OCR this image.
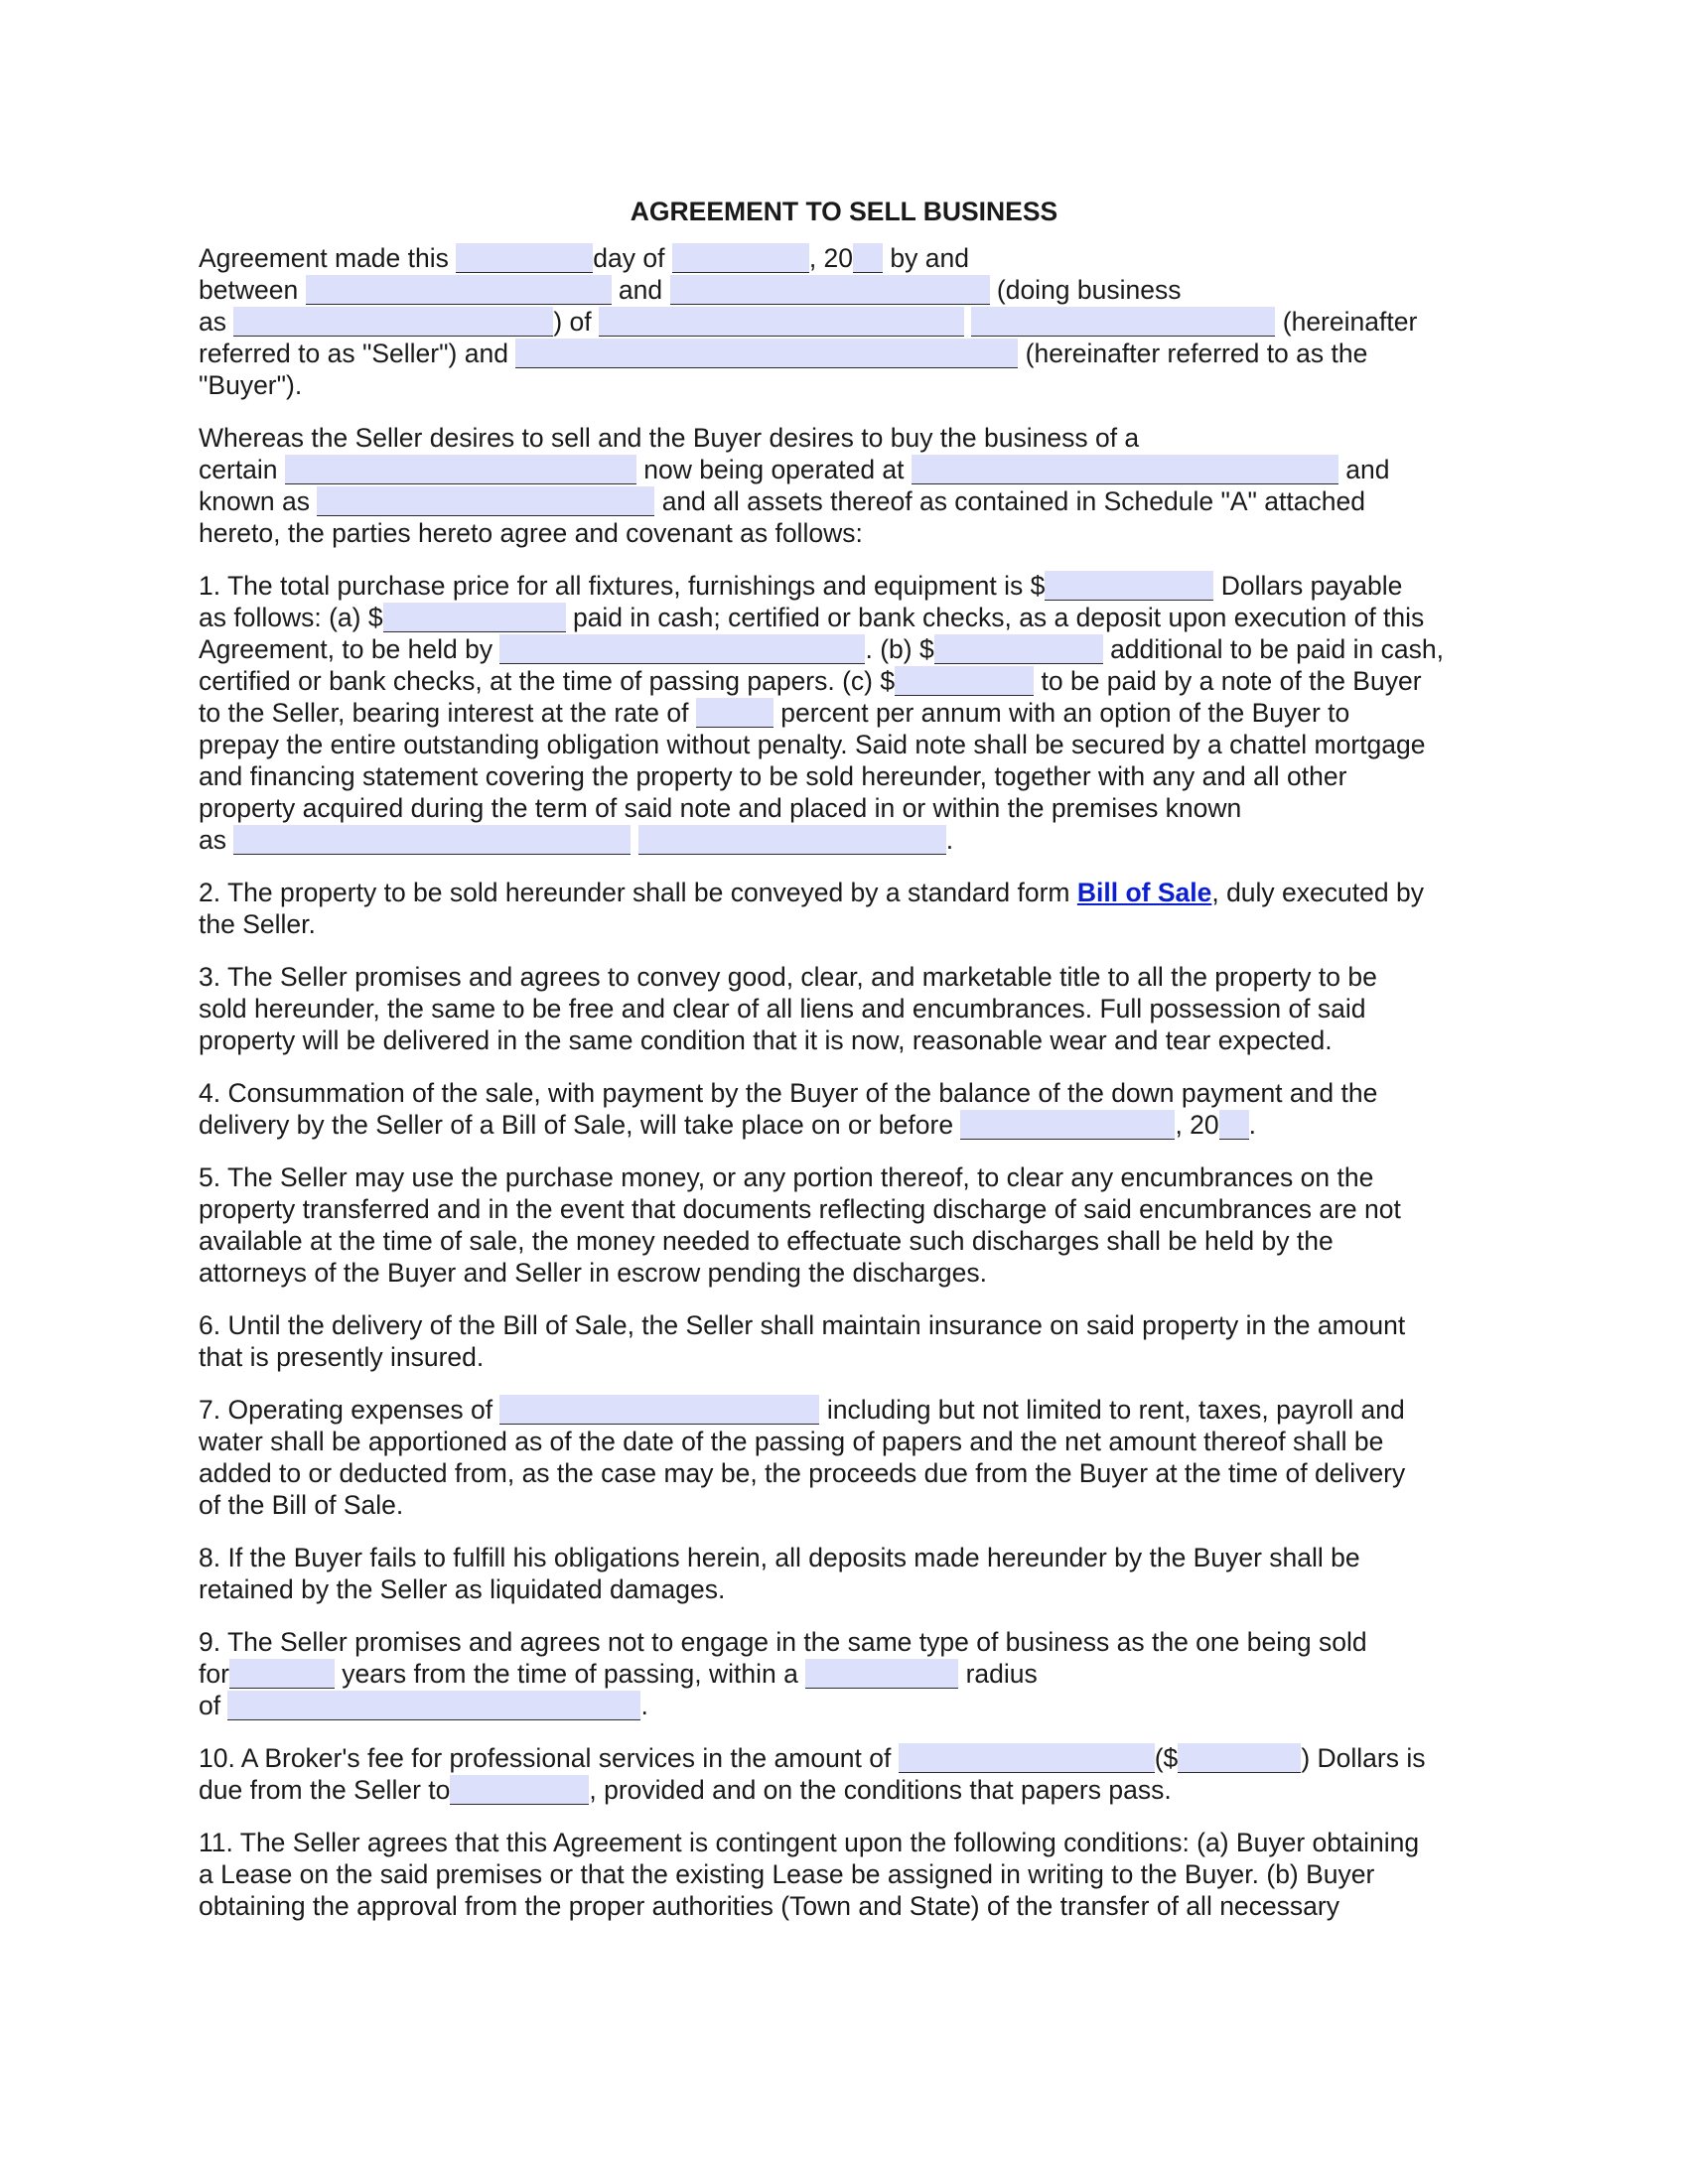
AGREEMENT TO SELL BUSINESS
Agreement made this	day of	, 20 by and
between	and	(doing business
as	) of	(hereinafter
referred to as "Seller") and	(hereinafter referred to as the
"Buyer").
Whereas the Seller desires to sell and the Buyer desires to buy the business of a
certain	now being operated at	and
known as	and all assets thereof as contained in Schedule "A" attached
hereto, the parties hereto agree and covenant as follows:
1. The total purchase price for all fixtures, furnishings and equipment is $	Dollars payable
as follows: (a) $	paid in cash; certified or bank checks, as a deposit upon execution of this
Agreement, to be held by	. (b) $	additional to be paid in cash,
certified or bank checks, at the time of passing papers. (c) $	to be paid by a note of the Buyer
to the Seller, bearing interest at the rate of	percent per annum with an option of the Buyer to
prepay the entire outstanding obligation without penalty. Said note shall be secured by a chattel mortgage
and financing statement covering the property to be sold hereunder, together with any and all other
property acquired during the term of said note and placed in or within the premises known
as	.
2. The property to be sold hereunder shall be conveyed by a standard form Bill of Sale, duly executed by
the Seller.
3. The Seller promises and agrees to convey good, clear, and marketable title to all the property to be
sold hereunder, the same to be free and clear of all liens and encumbrances. Full possession of said
property will be delivered in the same condition that it is now, reasonable wear and tear expected.
4. Consummation of the sale, with payment by the Buyer of the balance of the down payment and the
delivery by the Seller of a Bill of Sale, will take place on or before	, 20 .
5. The Seller may use the purchase money, or any portion thereof, to clear any encumbrances on the
property transferred and in the event that documents reflecting discharge of said encumbrances are not
available at the time of sale, the money needed to effectuate such discharges shall be held by the
attorneys of the Buyer and Seller in escrow pending the discharges.
6. Until the delivery of the Bill of Sale, the Seller shall maintain insurance on said property in the amount
that is presently insured.
7. Operating expenses of	including but not limited to rent, taxes, payroll and
water shall be apportioned as of the date of the passing of papers and the net amount thereof shall be
added to or deducted from, as the case may be, the proceeds due from the Buyer at the time of delivery
of the Bill of Sale.
8. If the Buyer fails to fulfill his obligations herein, all deposits made hereunder by the Buyer shall be
retained by the Seller as liquidated damages.
9. The Seller promises and agrees not to engage in the same type of business as the one being sold
for	years from the time of passing, within a	radius
of	.
10. A Broker's fee for professional services in the amount of	($	) Dollars is
due from the Seller to	, provided and on the conditions that papers pass.
11. The Seller agrees that this Agreement is contingent upon the following conditions: (a) Buyer obtaining
a Lease on the said premises or that the existing Lease be assigned in writing to the Buyer. (b) Buyer
obtaining the approval from the proper authorities (Town and State) of the transfer of all necessary
